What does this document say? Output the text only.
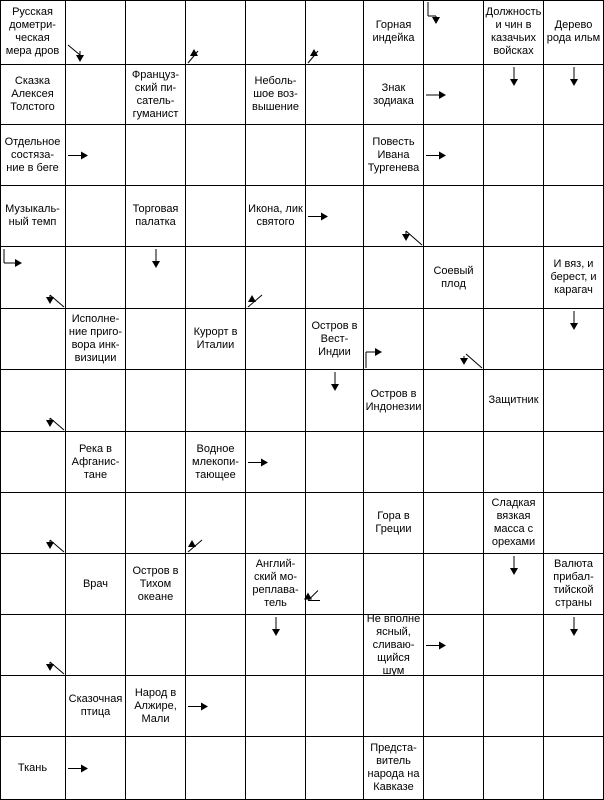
Русская
дометри-
ческая
мера дров
Горная
индейка
Должность
и чин в
казачьих
войсках
Дерево
рода ильм
Сказка
Алексея
Толстого
Француз-
ский пи-
сатель-
гуманист
Неболь-
шое воз-
вышение
Знак
зодиака
Отдельное
состяза-
ние в беге
Повесть
Ивана
Тургенева
Музыкаль-
ный темп
Торговая
палатка
Икона, лик
святого
Соевый
плод
И вяз, и
берест, и
карагач
Исполне-
ние приго-
вора инк-
визиции
Курорт в
Италии
Остров в
Вест-
Индии
Остров в
Индонезии
Защитник
Река в
Афганис-
тане
Водное
млекопи-
тающее
Гора в
Греции
Сладкая
вязкая
масса с
орехами
Врач
Остров в
Тихом
океане
Англий-
ский мо-
реплава-
тель
Валюта
прибал-
тийской
страны
Не вполне
ясный,
сливаю-
щийся шум
Сказочная
птица
Народ в
Алжире,
Мали
Ткань
Предста-
витель
народа на
Кавказе
